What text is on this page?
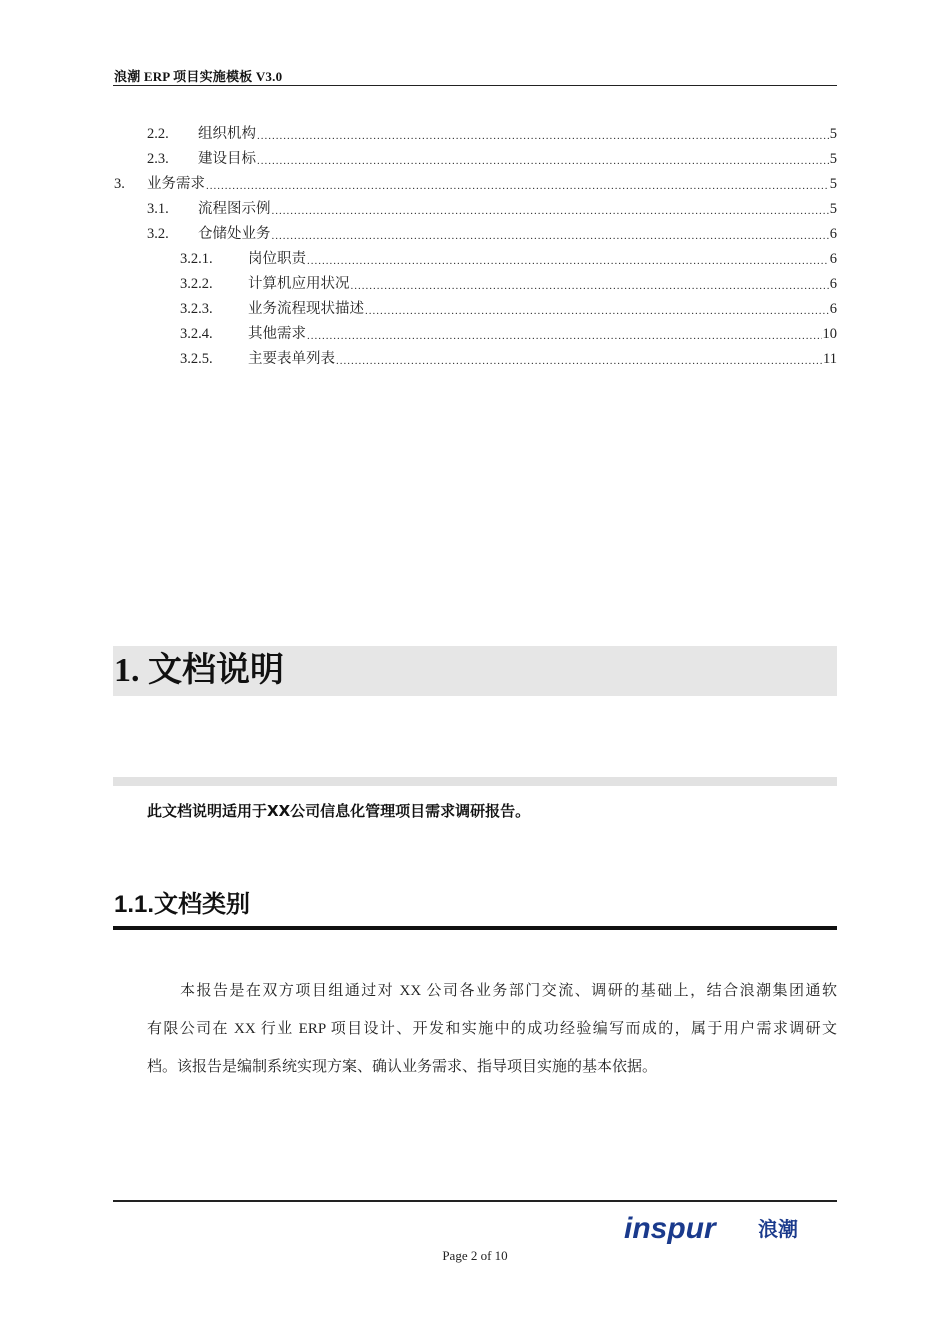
浪潮 ERP 项目实施模板 V3.0
2.2.	组织机构 .....	5
2.3.	建设目标 .....	5
3.	业务需求 .....	5
3.1.	流程图示例 .....	5
3.2.	仓储处业务 .....	6
3.2.1.	岗位职责 .....	6
3.2.2.	计算机应用状况 .....	6
3.2.3.	业务流程现状描述 .....	6
3.2.4.	其他需求 .....	10
3.2.5.	主要表单列表 .....	11
1. 文档说明
此文档说明适用于XX公司信息化管理项目需求调研报告。
1.1.文档类别
本报告是在双方项目组通过对 XX 公司各业务部门交流、调研的基础上，结合浪潮集团通软
有限公司在 XX 行业 ERP 项目设计、开发和实施中的成功经验编写而成的，属于用户需求调研文
档。该报告是编制系统实现方案、确认业务需求、指导项目实施的基本依据。
inspur 浪潮
Page 2 of 10
